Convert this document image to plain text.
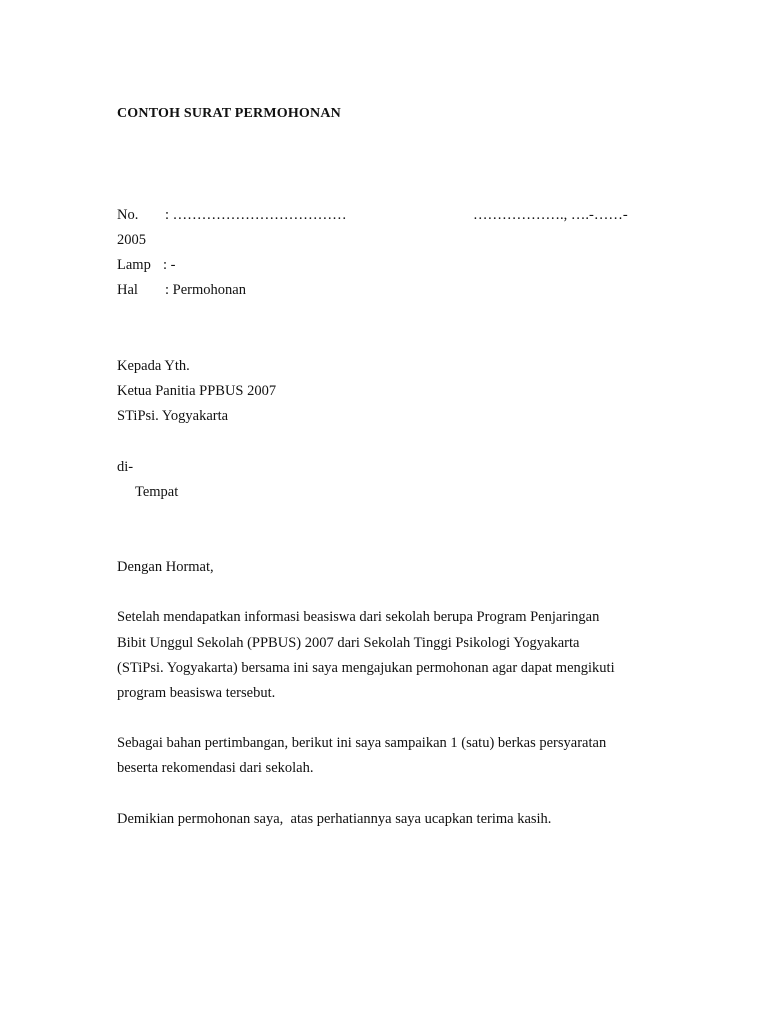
CONTOH SURAT PERMOHONAN
No. : ………………………………	………………., ….-……-
2005
Lamp : -
Hal : Permohonan
Kepada Yth.
Ketua Panitia PPBUS 2007
STiPsi. Yogyakarta
di-
Tempat
Dengan Hormat,
Setelah mendapatkan informasi beasiswa dari sekolah berupa Program Penjaringan
Bibit Unggul Sekolah (PPBUS) 2007 dari Sekolah Tinggi Psikologi Yogyakarta
(STiPsi. Yogyakarta) bersama ini saya mengajukan permohonan agar dapat mengikuti
program beasiswa tersebut.
Sebagai bahan pertimbangan, berikut ini saya sampaikan 1 (satu) berkas persyaratan
beserta rekomendasi dari sekolah.
Demikian permohonan saya,  atas perhatiannya saya ucapkan terima kasih.
